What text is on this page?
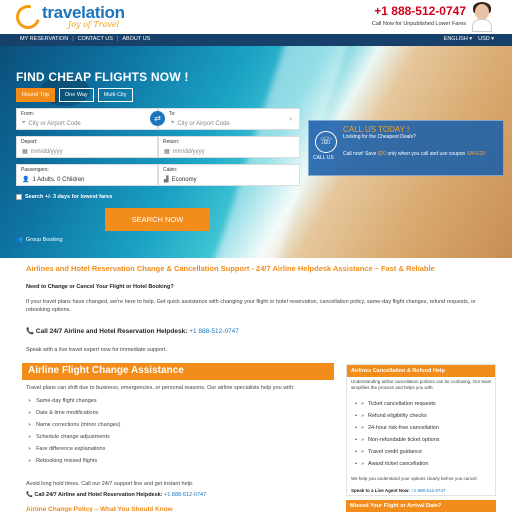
travelation
Joy of Travel
+1 888-512-0747
Call Now for Unpublished Lower Fares
MY RESERVATION | CONTACT US | ABOUT US	ENGLISH ▾ USD ▾
FIND CHEAP FLIGHTS NOW !
Round Trip	One Way	Multi-City
From:
⌖ City or Airport Code
⇄	To:
⌖ City or Airport Code
✕
Depart:
▦ mm/dd/yyyy
Return:
▦ mm/dd/yyyy
Passengers:
👤 1 Adults, 0 Children
Cabin:
▟ Economy
Search +/- 3 days for lowest fares
SEARCH NOW
👥 Group Booking
☏
CALL US
CALL US TODAY !
Looking for the Cheapest Deals?
Call now! Save $20 only when you call and use coupon SAVE20
Airlines and Hotel Reservation Change & Cancellation Support - 24/7 Airline Helpdesk Assistance – Fast & Reliable
Need to Change or Cancel Your Flight or Hotel Booking?
If your travel plans have changed, we're here to help. Get quick assistance with changing your flight or hotel reservation, cancellation policy, same-day flight changes, refund requests, or rebooking options.
📞 Call 24/7 Airline and Hotel Reservation Helpdesk: +1 888-512-0747
Speak with a live travel expert now for immediate support.
Airline Flight Change Assistance
Travel plans can shift due to business, emergencies, or personal reasons. Our airline specialists help you with:
» Same-day flight changes
» Date & time modifications
» Name corrections (minor changes)
» Schedule change adjustments
» Fare difference explanations
» Rebooking missed flights
Avoid long hold times. Call our 24/7 support line and get instant help.
📞 Call 24/7 Airline and Hotel Reservation Helpdesk: +1 888-512-0747
Airline Change Policy – What You Should Know
Airlines Cancellation & Refund Help
Understanding airline cancellation policies can be confusing. Our team simplifies the process and helps you with:
• » Ticket cancellation requests
• » Refund eligibility checks
• » 24-hour risk-free cancellation
• » Non-refundable ticket options
• » Travel credit guidance
• » Award ticket cancellation
We help you understand your options clearly before you cancel.
Speak to a Live Agent Now: +1 888-512-0747
Missed Your Flight or Arrival Date?
